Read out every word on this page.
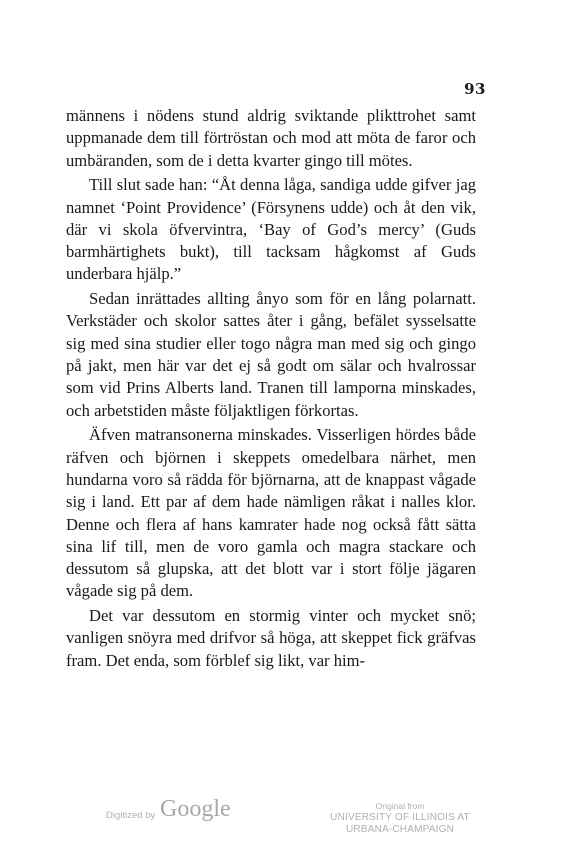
93

männens i nödens stund aldrig sviktande plikttrohet samt uppmanade dem till förtröstan och mod att möta de faror och umbäranden, som de i detta kvarter gingo till mötes.

Till slut sade han: “Åt denna låga, sandiga udde gifver jag namnet ‘Point Providence’ (Försynens udde) och åt den vik, där vi skola öfvervintra, ‘Bay of God’s mercy’ (Guds barmhärtighets bukt), till tacksam hågkomst af Guds underbara hjälp.”

Sedan inrättades allting ånyo som för en lång polarnatt. Verkstäder och skolor sattes åter i gång, befälet sysselsatte sig med sina studier eller togo några man med sig och gingo på jakt, men här var det ej så godt om sälar och hvalrossar som vid Prins Alberts land. Tranen till lamporna minskades, och arbetstiden måste följaktligen förkortas.

Äfven matransonerna minskades. Visserligen hördes både räfven och björnen i skeppets omedelbara närhet, men hundarna voro så rädda för björnarna, att de knappast vågade sig i land. Ett par af dem hade nämligen råkat i nalles klor. Denne och flera af hans kamrater hade nog också fått sätta sina lif till, men de voro gamla och magra stackare och dessutom så glupska, att det blott var i stort följe jägaren vågade sig på dem.

Det var dessutom en stormig vinter och mycket snö; vanligen snöyra med drifvor så höga, att skeppet fick gräfvas fram. Det enda, som förblef sig likt, var him-

Digitized by Google	Original from
UNIVERSITY OF ILLINOIS AT
URBANA-CHAMPAIGN
